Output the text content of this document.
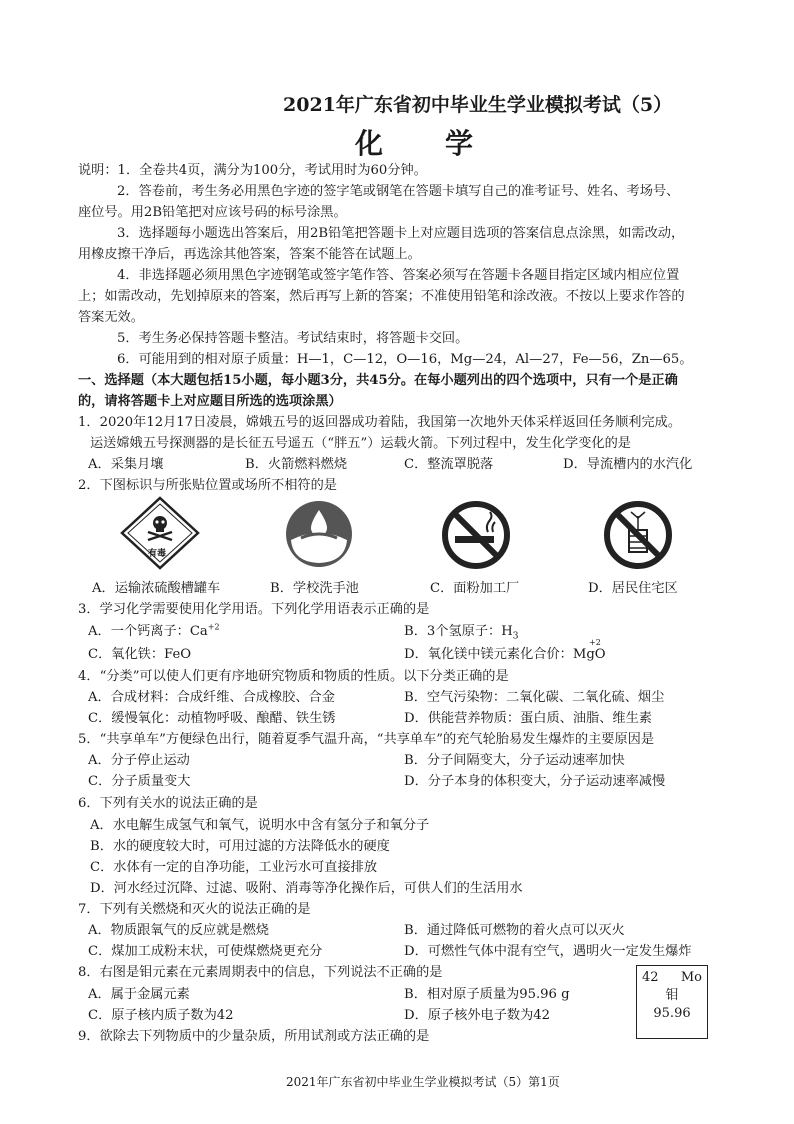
2021年广东省初中毕业生学业模拟考试（5）
化　　学
说明：1．全卷共4页，满分为100分，考试用时为60分钟。
2．答卷前，考生务必用黑色字迹的签字笔或钢笔在答题卡填写自己的准考证号、姓名、考场号、
座位号。用2B铅笔把对应该号码的标号涂黑。
3．选择题每小题选出答案后，用2B铅笔把答题卡上对应题目选项的答案信息点涂黑，如需改动，
用橡皮擦干净后，再选涂其他答案，答案不能答在试题上。
4．非选择题必须用黑色字迹钢笔或签字笔作答、答案必须写在答题卡各题目指定区域内相应位置
上；如需改动，先划掉原来的答案，然后再写上新的答案；不准使用铅笔和涂改液。不按以上要求作答的
答案无效。
5．考生务必保持答题卡整洁。考试结束时，将答题卡交回。
6．可能用到的相对原子质量：H—1，C—12，O—16，Mg—24，Al—27，Fe—56，Zn—65。
一、选择题（本大题包括15小题，每小题3分，共45分。在每小题列出的四个选项中，只有一个是正确
的，请将答题卡上对应题目所选的选项涂黑）
1．2020年12月17日凌晨，嫦娥五号的返回器成功着陆，我国第一次地外天体采样返回任务顺利完成。
运送嫦娥五号探测器的是长征五号遥五（“胖五”）运载火箭。下列过程中，发生化学变化的是
A．采集月壤	B．火箭燃料燃烧	C．整流罩脱落	D．导流槽内的水汽化
2．下图标识与所张贴位置或场所不相符的是
有毒
A．运输浓硫酸槽罐车	B．学校洗手池	C．面粉加工厂	D．居民住宅区
3．学习化学需要使用化学用语。下列化学用语表示正确的是
A．一个钙离子：$Ca^{+2}$	B．3个氢原子：$H_3$
C．氧化铁：FeO	D．氧化镁中镁元素化合价：MgO
+2
4．“分类”可以使人们更有序地研究物质和物质的性质。以下分类正确的是
A．合成材料：合成纤维、合成橡胶、合金	B．空气污染物：二氧化碳、二氧化硫、烟尘
C．缓慢氧化：动植物呼吸、酿醋、铁生锈	D．供能营养物质：蛋白质、油脂、维生素
5．“共享单车”方便绿色出行，随着夏季气温升高，“共享单车”的充气轮胎易发生爆炸的主要原因是
A．分子停止运动	B．分子间隔变大，分子运动速率加快
C．分子质量变大	D．分子本身的体积变大，分子运动速率减慢
6．下列有关水的说法正确的是
A．水电解生成氢气和氧气，说明水中含有氢分子和氧分子
B．水的硬度较大时，可用过滤的方法降低水的硬度
C．水体有一定的自净功能，工业污水可直接排放
D．河水经过沉降、过滤、吸附、消毒等净化操作后，可供人们的生活用水
7．下列有关燃烧和灭火的说法正确的是
A．物质跟氧气的反应就是燃烧	B．通过降低可燃物的着火点可以灭火
C．煤加工成粉末状，可使煤燃烧更充分	D．可燃性气体中混有空气，遇明火一定发生爆炸
8．右图是钼元素在元素周期表中的信息，下列说法不正确的是
A．属于金属元素	B．相对原子质量为95.96 g
C．原子核内质子数为42	D．原子核外电子数为42
42 Mo
钼
95.96
9．欲除去下列物质中的少量杂质，所用试剂或方法正确的是
2021年广东省初中毕业生学业模拟考试（5）第1页
